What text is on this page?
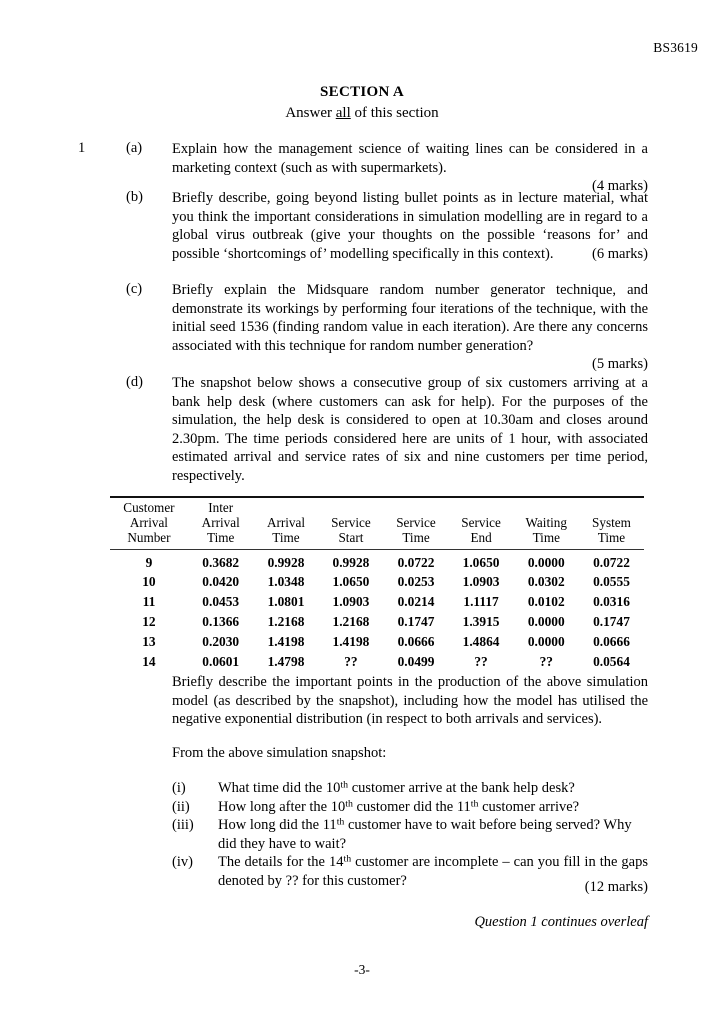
BS3619
SECTION A
Answer all of this section
1	(a)	Explain how the management science of waiting lines can be considered in a marketing context (such as with supermarkets).
(4 marks)
(b)	Briefly describe, going beyond listing bullet points as in lecture material, what you think the important considerations in simulation modelling are in regard to a global virus outbreak (give your thoughts on the possible ‘reasons for’ and possible ‘shortcomings of’ modelling specifically in this context).	(6 marks)
(c)	Briefly explain the Midsquare random number generator technique, and demonstrate its workings by performing four iterations of the technique, with the initial seed 1536 (finding random value in each iteration). Are there any concerns associated with this technique for random number generation?
(5 marks)
(d)	The snapshot below shows a consecutive group of six customers arriving at a bank help desk (where customers can ask for help). For the purposes of the simulation, the help desk is considered to open at 10.30am and closes around 2.30pm. The time periods considered here are units of 1 hour, with associated estimated arrival and service rates of six and nine customers per time period, respectively.
Customer
Arrival
Number

Inter
Arrival
Time

Arrival
Time

Service
Start

Service
Time

Service
End

Waiting
Time

System
Time

9	0.3682	0.9928	0.9928	0.0722	1.0650	0.0000	0.0722
10	0.0420	1.0348	1.0650	0.0253	1.0903	0.0302	0.0555
11	0.0453	1.0801	1.0903	0.0214	1.1117	0.0102	0.0316
12	0.1366	1.2168	1.2168	0.1747	1.3915	0.0000	0.1747
13	0.2030	1.4198	1.4198	0.0666	1.4864	0.0000	0.0666
14	0.0601	1.4798	??	0.0499	??	??	0.0564
Briefly describe the important points in the production of the above simulation model (as described by the snapshot), including how the model has utilised the negative exponential distribution (in respect to both arrivals and services).
From the above simulation snapshot:
(i)	What time did the 10th customer arrive at the bank help desk?
(ii)	How long after the 10th customer did the 11th customer arrive?
(iii)	How long did the 11th customer have to wait before being served? Why did they have to wait?
(iv)	The details for the 14th customer are incomplete – can you fill in the gaps denoted by ?? for this customer?	(12 marks)
Question 1 continues overleaf
-3-
